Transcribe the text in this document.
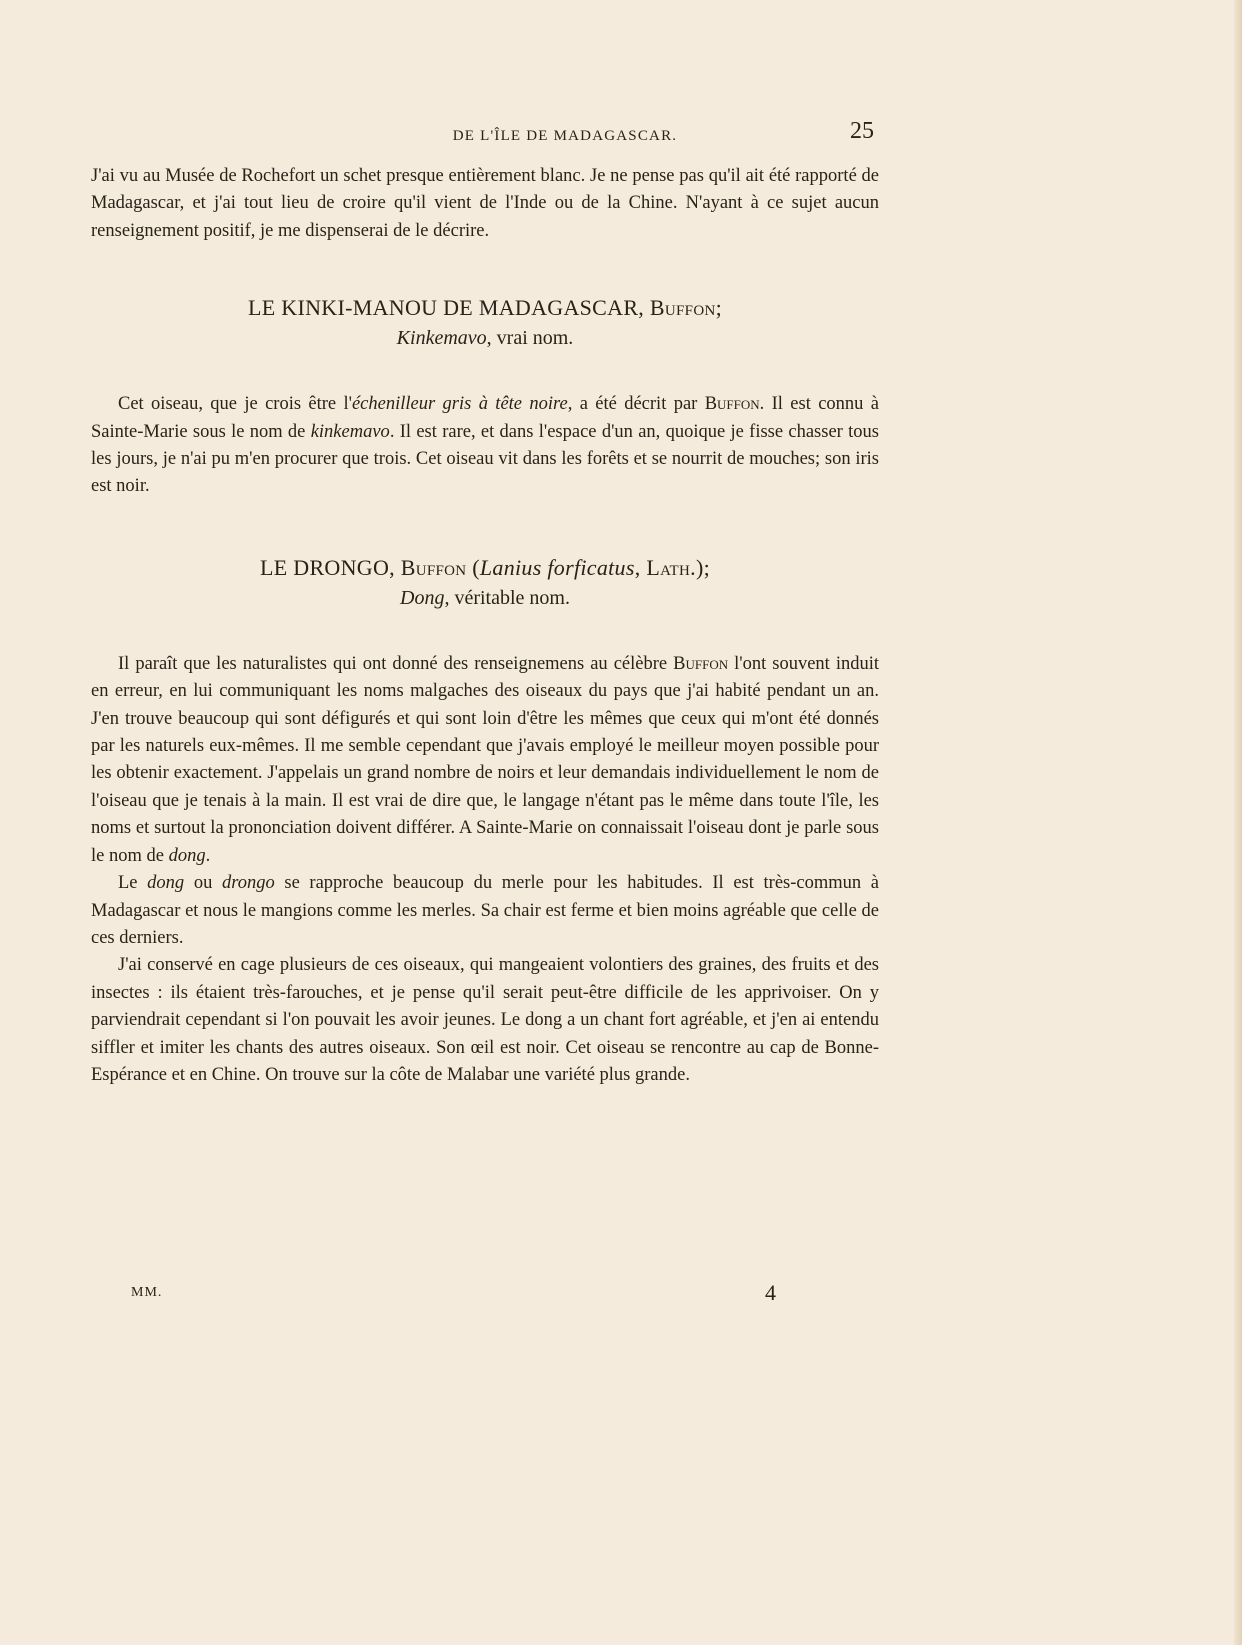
DE L'ÎLE DE MADAGASCAR.	25

J'ai vu au Musée de Rochefort un schet presque entièrement blanc. Je ne pense pas qu'il ait été rapporté de Madagascar, et j'ai tout lieu de croire qu'il vient de l'Inde ou de la Chine. N'ayant à ce sujet aucun renseignement positif, je me dispenserai de le décrire.

LE KINKI-MANOU DE MADAGASCAR, Buffon;

Kinkemavo, vrai nom.

Cet oiseau, que je crois être l'échenilleur gris à tête noire, a été décrit par Buffon. Il est connu à Sainte-Marie sous le nom de kinkemavo. Il est rare, et dans l'espace d'un an, quoique je fisse chasser tous les jours, je n'ai pu m'en procurer que trois. Cet oiseau vit dans les forêts et se nourrit de mouches; son iris est noir.

LE DRONGO, Buffon (Lanius forficatus, Lath.);

Dong, véritable nom.

Il paraît que les naturalistes qui ont donné des renseignemens au célèbre Buffon l'ont souvent induit en erreur, en lui communiquant les noms malgaches des oiseaux du pays que j'ai habité pendant un an. J'en trouve beaucoup qui sont défigurés et qui sont loin d'être les mêmes que ceux qui m'ont été donnés par les naturels eux-mêmes. Il me semble cependant que j'avais employé le meilleur moyen possible pour les obtenir exactement. J'appelais un grand nombre de noirs et leur demandais individuellement le nom de l'oiseau que je tenais à la main. Il est vrai de dire que, le langage n'étant pas le même dans toute l'île, les noms et surtout la prononciation doivent différer. A Sainte-Marie on connaissait l'oiseau dont je parle sous le nom de dong.

Le dong ou drongo se rapproche beaucoup du merle pour les habitudes. Il est très-commun à Madagascar et nous le mangions comme les merles. Sa chair est ferme et bien moins agréable que celle de ces derniers.

J'ai conservé en cage plusieurs de ces oiseaux, qui mangeaient volontiers des graines, des fruits et des insectes : ils étaient très-farouches, et je pense qu'il serait peut-être difficile de les apprivoiser. On y parviendrait cependant si l'on pouvait les avoir jeunes. Le dong a un chant fort agréable, et j'en ai entendu siffler et imiter les chants des autres oiseaux. Son œil est noir. Cet oiseau se rencontre au cap de Bonne-Espérance et en Chine. On trouve sur la côte de Malabar une variété plus grande.

MM.	4
